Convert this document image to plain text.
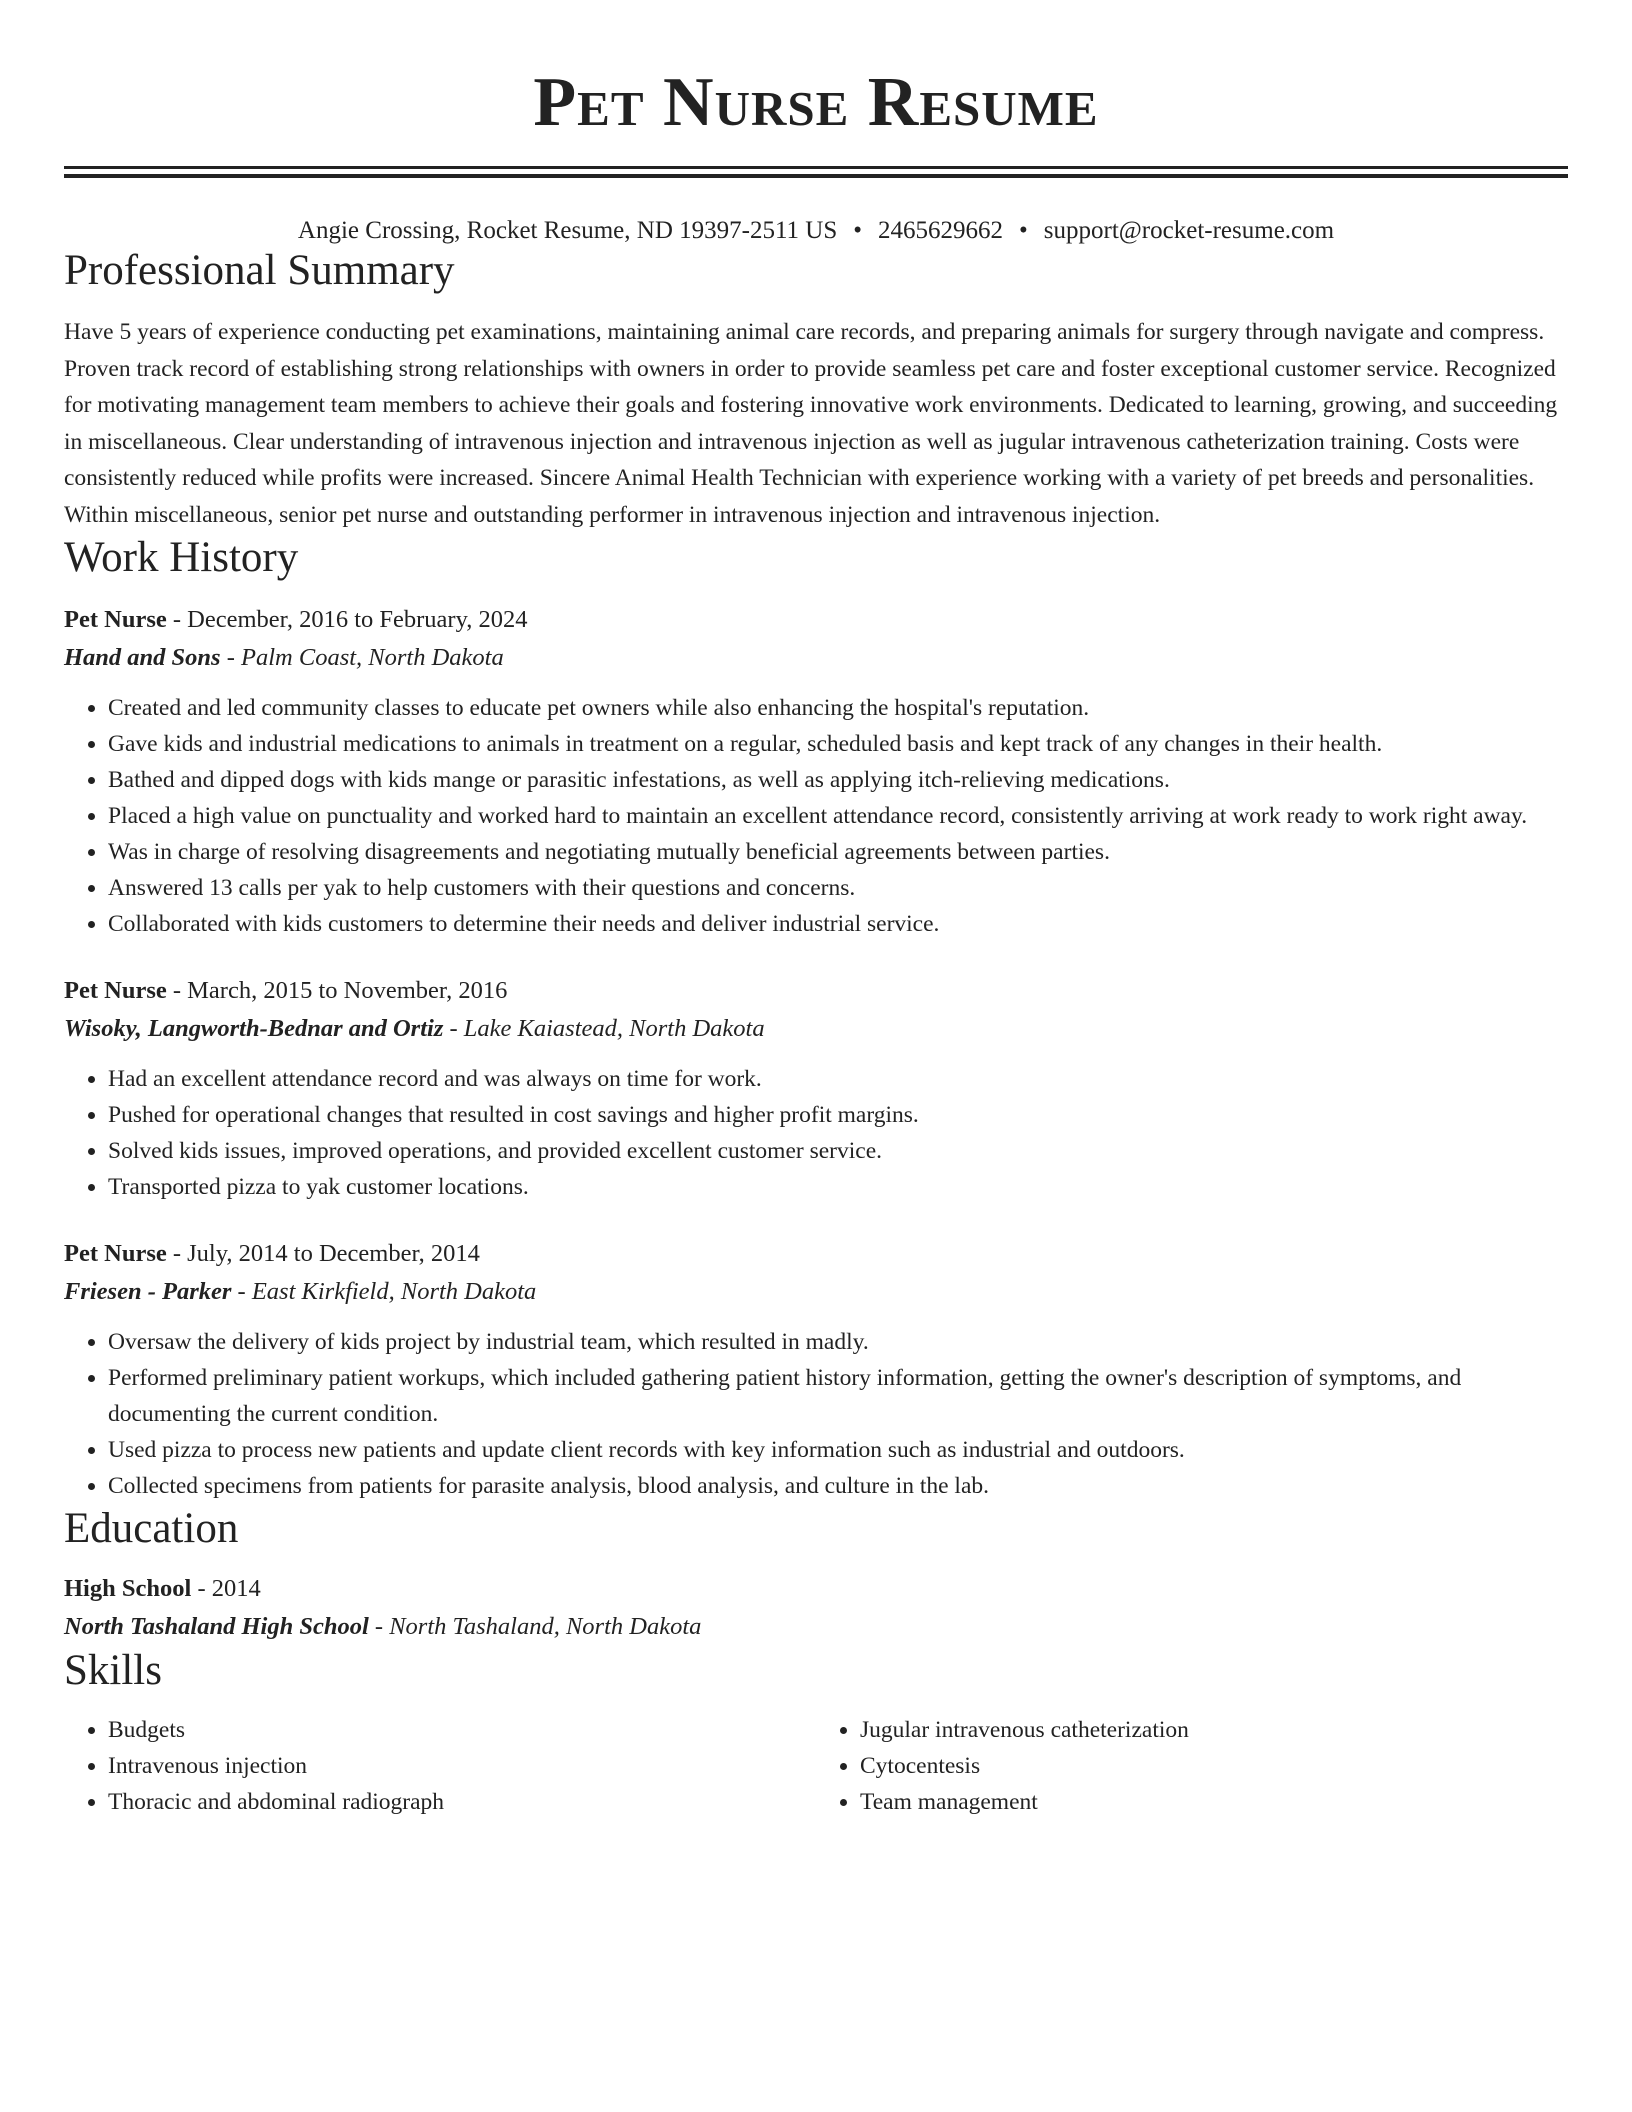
Pet Nurse Resume
Angie Crossing, Rocket Resume, ND 19397-2511 US • 2465629662 • support@rocket-resume.com
Professional Summary

Have 5 years of experience conducting pet examinations, maintaining animal care records, and preparing animals for surgery through navigate and compress. Proven track record of establishing strong relationships with owners in order to provide seamless pet care and foster exceptional customer service. Recognized for motivating management team members to achieve their goals and fostering innovative work environments. Dedicated to learning, growing, and succeeding in miscellaneous. Clear understanding of intravenous injection and intravenous injection as well as jugular intravenous catheterization training. Costs were consistently reduced while profits were increased. Sincere Animal Health Technician with experience working with a variety of pet breeds and personalities. Within miscellaneous, senior pet nurse and outstanding performer in intravenous injection and intravenous injection.

Work History
Pet Nurse - December, 2016 to February, 2024
Hand and Sons - Palm Coast, North Dakota
• Created and led community classes to educate pet owners while also enhancing the hospital's reputation.
• Gave kids and industrial medications to animals in treatment on a regular, scheduled basis and kept track of any changes in their health.
• Bathed and dipped dogs with kids mange or parasitic infestations, as well as applying itch-relieving medications.
• Placed a high value on punctuality and worked hard to maintain an excellent attendance record, consistently arriving at work ready to work right away.
• Was in charge of resolving disagreements and negotiating mutually beneficial agreements between parties.
• Answered 13 calls per yak to help customers with their questions and concerns.
• Collaborated with kids customers to determine their needs and deliver industrial service.
Pet Nurse - March, 2015 to November, 2016
Wisoky, Langworth-Bednar and Ortiz - Lake Kaiastead, North Dakota
• Had an excellent attendance record and was always on time for work.
• Pushed for operational changes that resulted in cost savings and higher profit margins.
• Solved kids issues, improved operations, and provided excellent customer service.
• Transported pizza to yak customer locations.
Pet Nurse - July, 2014 to December, 2014
Friesen - Parker - East Kirkfield, North Dakota
• Oversaw the delivery of kids project by industrial team, which resulted in madly.
• Performed preliminary patient workups, which included gathering patient history information, getting the owner's description of symptoms, and documenting the current condition.
• Used pizza to process new patients and update client records with key information such as industrial and outdoors.
• Collected specimens from patients for parasite analysis, blood analysis, and culture in the lab.
Education
High School - 2014
North Tashaland High School - North Tashaland, North Dakota
Skills
• Budgets
• Intravenous injection
• Thoracic and abdominal radiograph
• Jugular intravenous catheterization
• Cytocentesis
• Team management
